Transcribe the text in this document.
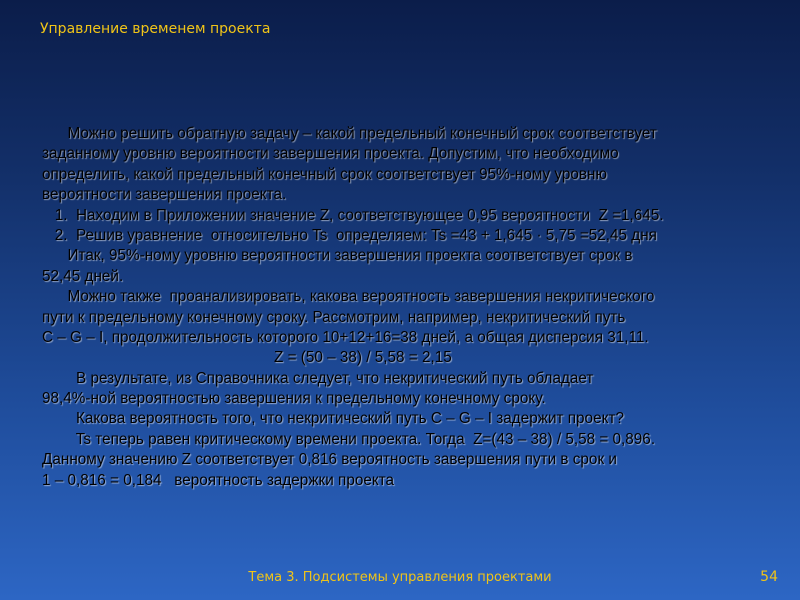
Управление временем проекта
Можно решить обратную задачу – какой предельный конечный срок соответствует
заданному уровню вероятности завершения проекта. Допустим, что необходимо
определить, какой предельный конечный срок соответствует 95%-ному уровню
вероятности завершения проекта.
1.  Находим в Приложении значение Z, соответствующее 0,95 вероятности  Z =1,645.
2.  Решив уравнение  относительно Ts  определяем: Ts =43 + 1,645 · 5,75 =52,45 дня
Итак, 95%-ному уровню вероятности завершения проекта соответствует срок в
52,45 дней.
Можно также  проанализировать, какова вероятность завершения некритического
пути к предельному конечному сроку. Рассмотрим, например, некритический путь
C – G – I, продолжительность которого 10+12+16=38 дней, а общая дисперсия 31,11.
Z = (50 – 38) / 5,58 = 2,15
В результате, из Справочника следует, что некритический путь обладает
98,4%-ной вероятностью завершения к предельному конечному сроку.
Какова вероятность того, что некритический путь C – G – I задержит проект?
Ts теперь равен критическому времени проекта. Тогда  Z=(43 – 38) / 5,58 = 0,896.
Данному значению Z соответствует 0,816 вероятность завершения пути в срок и
1 – 0,816 = 0,184   вероятность задержки проекта
Тема 3. Подсистемы управления проектами	54
